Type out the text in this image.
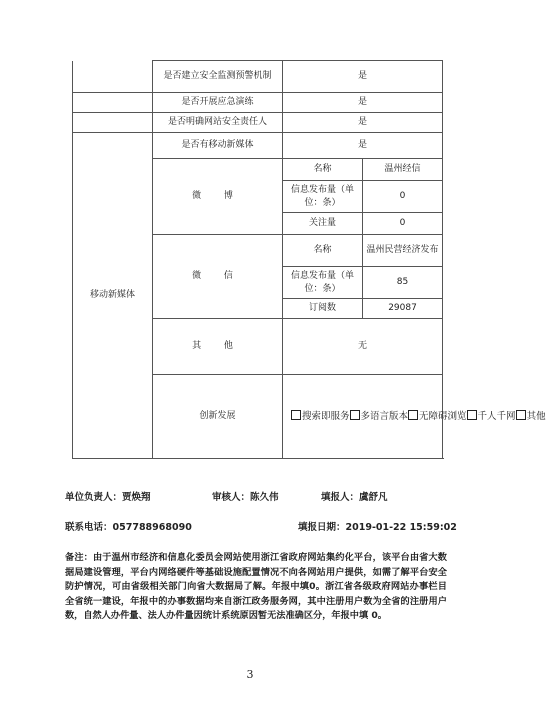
	是否建立安全监测预警机制	是	
	是否开展应急演练	是	
	是否明确网站安全责任人	是	
移动新媒体	是否有移动新媒体	是	
	微 博	名称	温州经信
		信息发布量（单位：条）	0
		关注量	0
	微 信	名称	温州民营经济发布
		信息发布量（单位：条）	85
		订阅数	29087
	其 他	无	
	创新发展	搜索即服务 多语言版本 无障碍浏览 千人千网 其他	
单位负责人：贾焕翔	审核人：陈久伟	填报人：虞舒凡
联系电话：057788968090	填报日期：2019-01-22 15:59:02
备注：由于温州市经济和信息化委员会网站使用浙江省政府网站集约化平台，该平台由省大数据局建设管理，平台内网络硬件等基础设施配置情况不向各网站用户提供，如需了解平台安全防护情况，可由省级相关部门向省大数据局了解。年报中填0。浙江省各级政府网站办事栏目全省统一建设，年报中的办事数据均来自浙江政务服务网，其中注册用户数为全省的注册用户数，自然人办件量、法人办件量因统计系统原因暂无法准确区分，年报中填 0。
3
